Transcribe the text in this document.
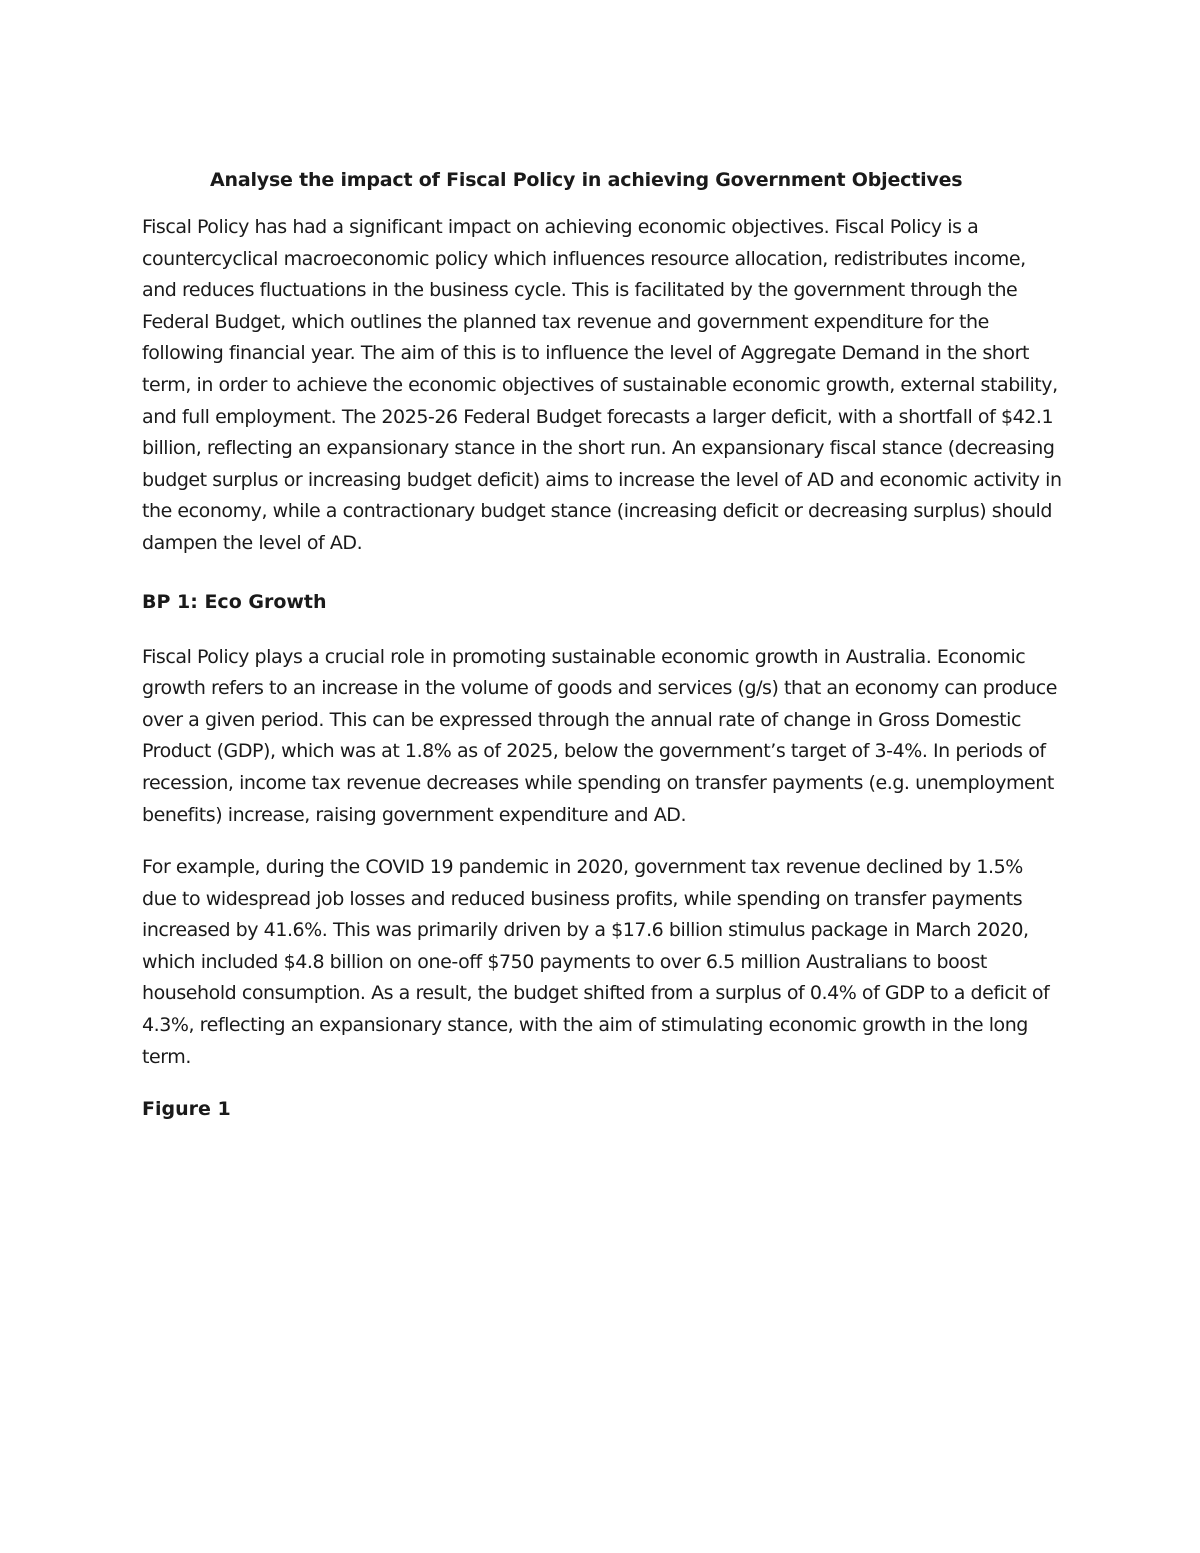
Analyse the impact of Fiscal Policy in achieving Government Objectives

Fiscal Policy has had a significant impact on achieving economic objectives. Fiscal Policy is a countercyclical macroeconomic policy which influences resource allocation, redistributes income, and reduces fluctuations in the business cycle. This is facilitated by the government through the Federal Budget, which outlines the planned tax revenue and government expenditure for the following financial year. The aim of this is to influence the level of Aggregate Demand in the short term, in order to achieve the economic objectives of sustainable economic growth, external stability, and full employment. The 2025-26 Federal Budget forecasts a larger deficit, with a shortfall of $42.1 billion, reflecting an expansionary stance in the short run. An expansionary fiscal stance (decreasing budget surplus or increasing budget deficit) aims to increase the level of AD and economic activity in the economy, while a contractionary budget stance (increasing deficit or decreasing surplus) should dampen the level of AD.

BP 1: Eco Growth

Fiscal Policy plays a crucial role in promoting sustainable economic growth in Australia. Economic growth refers to an increase in the volume of goods and services (g/s) that an economy can produce over a given period. This can be expressed through the annual rate of change in Gross Domestic Product (GDP), which was at 1.8% as of 2025, below the government’s target of 3-4%. In periods of recession, income tax revenue decreases while spending on transfer payments (e.g. unemployment benefits) increase, raising government expenditure and AD.

For example, during the COVID 19 pandemic in 2020, government tax revenue declined by 1.5% due to widespread job losses and reduced business profits, while spending on transfer payments increased by 41.6%. This was primarily driven by a $17.6 billion stimulus package in March 2020, which included $4.8 billion on one-off $750 payments to over 6.5 million Australians to boost household consumption. As a result, the budget shifted from a surplus of 0.4% of GDP to a deficit of 4.3%, reflecting an expansionary stance, with the aim of stimulating economic growth in the long term.

Figure 1
